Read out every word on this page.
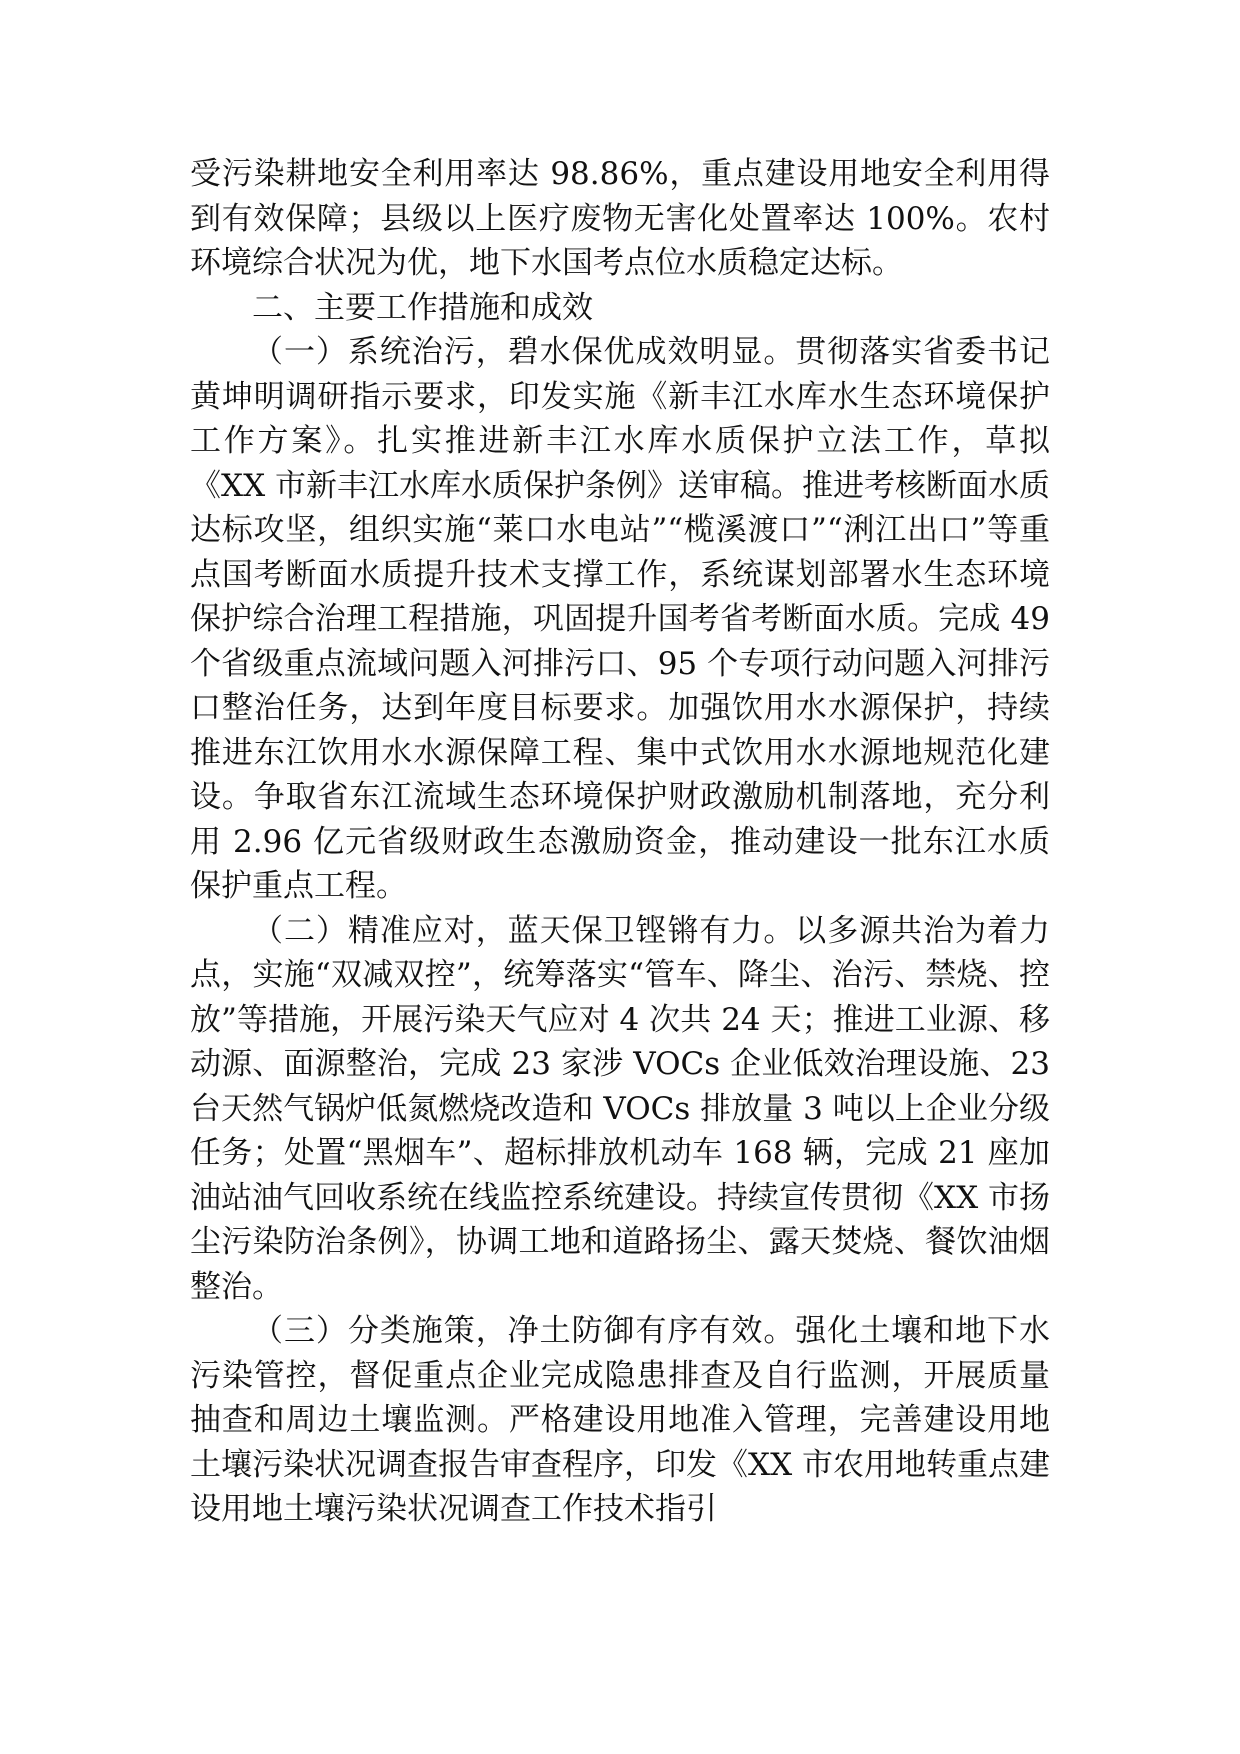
受污染耕地安全利用率达 98.86%，重点建设用地安全利用得到有效保障；县级以上医疗废物无害化处置率达 100%。农村环境综合状况为优，地下水国考点位水质稳定达标。

二、主要工作措施和成效

（一）系统治污，碧水保优成效明显。贯彻落实省委书记黄坤明调研指示要求，印发实施《新丰江水库水生态环境保护工作方案》。扎实推进新丰江水库水质保护立法工作，草拟《XX 市新丰江水库水质保护条例》送审稿。推进考核断面水质达标攻坚，组织实施“莱口水电站”“榄溪渡口”“浰江出口”等重点国考断面水质提升技术支撑工作，系统谋划部署水生态环境保护综合治理工程措施，巩固提升国考省考断面水质。完成 49 个省级重点流域问题入河排污口、95 个专项行动问题入河排污口整治任务，达到年度目标要求。加强饮用水水源保护，持续推进东江饮用水水源保障工程、集中式饮用水水源地规范化建设。争取省东江流域生态环境保护财政激励机制落地，充分利用 2.96 亿元省级财政生态激励资金，推动建设一批东江水质保护重点工程。

（二）精准应对，蓝天保卫铿锵有力。以多源共治为着力点，实施“双减双控”，统筹落实“管车、降尘、治污、禁烧、控放”等措施，开展污染天气应对 4 次共 24 天；推进工业源、移动源、面源整治，完成 23 家涉 VOCs 企业低效治理设施、23 台天然气锅炉低氮燃烧改造和 VOCs 排放量 3 吨以上企业分级任务；处置“黑烟车”、超标排放机动车 168 辆，完成 21 座加油站油气回收系统在线监控系统建设。持续宣传贯彻《XX 市扬尘污染防治条例》，协调工地和道路扬尘、露天焚烧、餐饮油烟整治。

（三）分类施策，净土防御有序有效。强化土壤和地下水污染管控，督促重点企业完成隐患排查及自行监测，开展质量抽查和周边土壤监测。严格建设用地准入管理，完善建设用地土壤污染状况调查报告审查程序，印发《XX 市农用地转重点建设用地土壤污染状况调查工作技术指引
